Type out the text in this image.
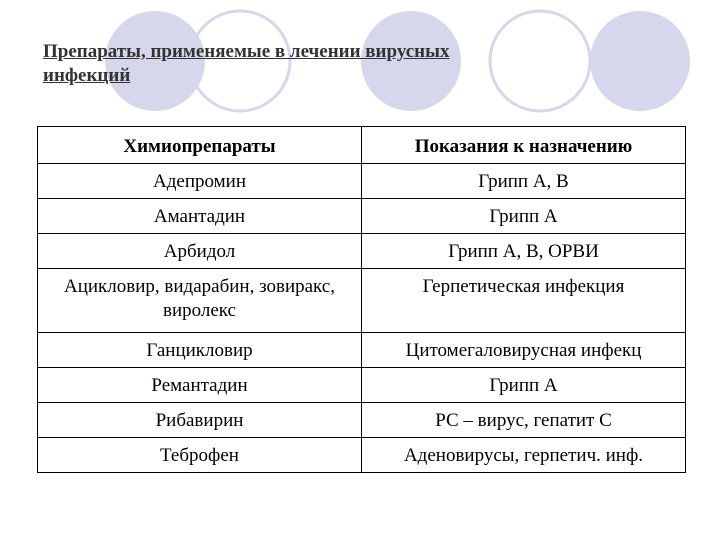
Препараты, применяемые в лечении вирусных
инфекций
Химиопрепараты	Показания к назначению
Адепромин	Грипп А, В
Амантадин	Грипп А
Арбидол	Грипп А, В, ОРВИ
Ацикловир, видарабин, зовиракс, виролекс	Герпетическая инфекция
Ганцикловир	Цитомегаловирусная инфекц
Ремантадин	Грипп А
Рибавирин	РС – вирус, гепатит С
Теброфен	Аденовирусы, герпетич. инф.
